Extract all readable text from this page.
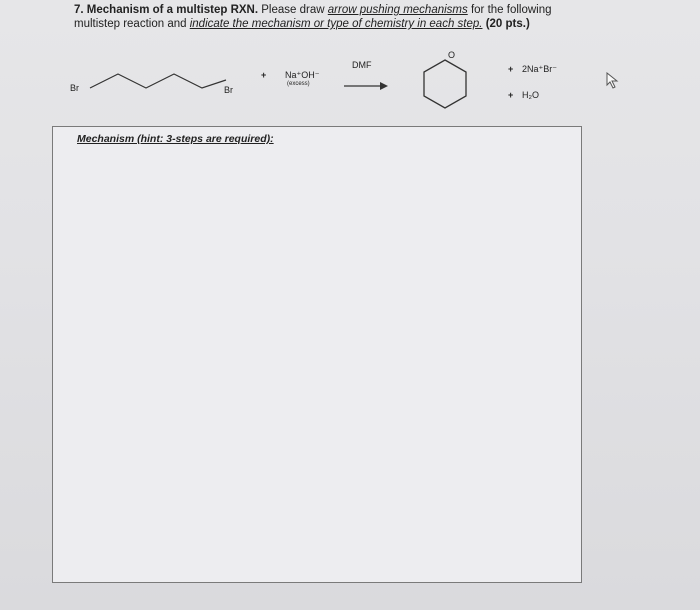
7. Mechanism of a multistep RXN. Please draw arrow pushing mechanisms for the following
multistep reaction and indicate the mechanism or type of chemistry in each step. (20 pts.)
Br	Br
+ Na⁺OH⁻
(excess)
DMF
O
+ 2Na⁺Br⁻
+ H₂O
Mechanism (hint: 3-steps are required):
